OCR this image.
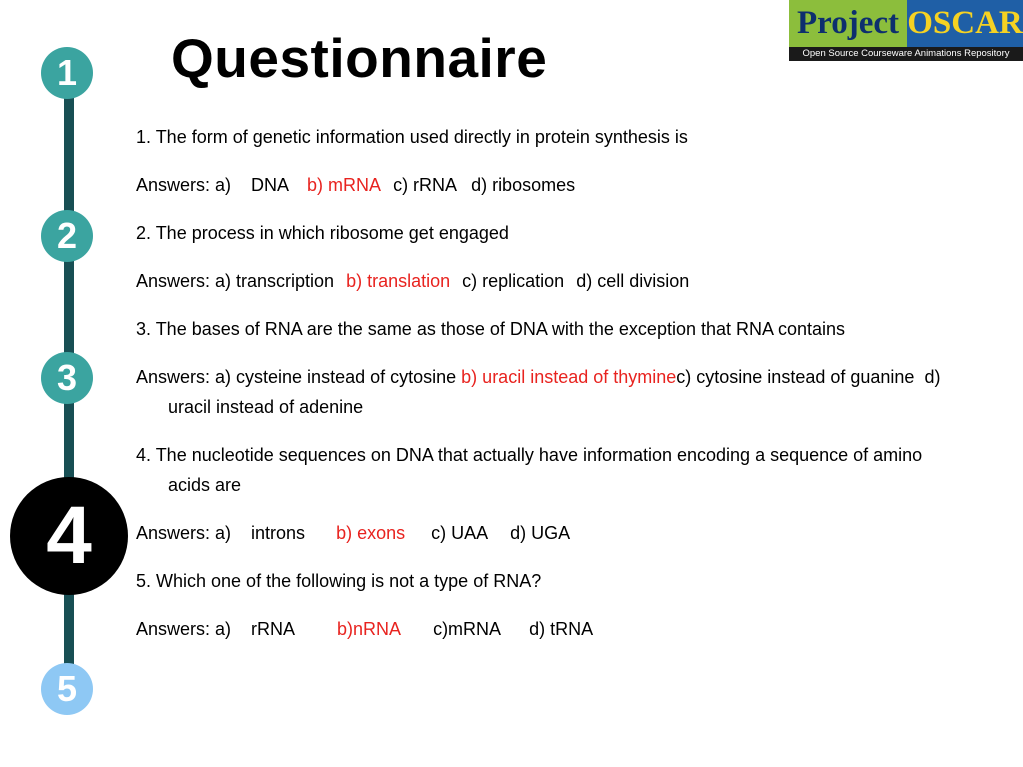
Questionnaire
Project OSCAR
Open Source Courseware Animations Repository
1
2
3
4
5

1. The form of genetic information used directly in protein synthesis is

Answers: a) DNA b) mRNA c) rRNA d) ribosomes

2. The process in which ribosome get engaged

Answers: a) transcription b) translation c) replication d) cell division

3. The bases of RNA are the same as those of DNA with the exception that RNA contains

Answers: a) cysteine instead of cytosine b) uracil instead of thyminec) cytosine instead of guanine d) uracil instead of adenine

4. The nucleotide sequences on DNA that actually have information encoding a sequence of amino acids are

Answers: a) introns b) exons c) UAA d) UGA

5. Which one of the following is not a type of RNA?

Answers: a) rRNA b)nRNA c)mRNA d) tRNA
